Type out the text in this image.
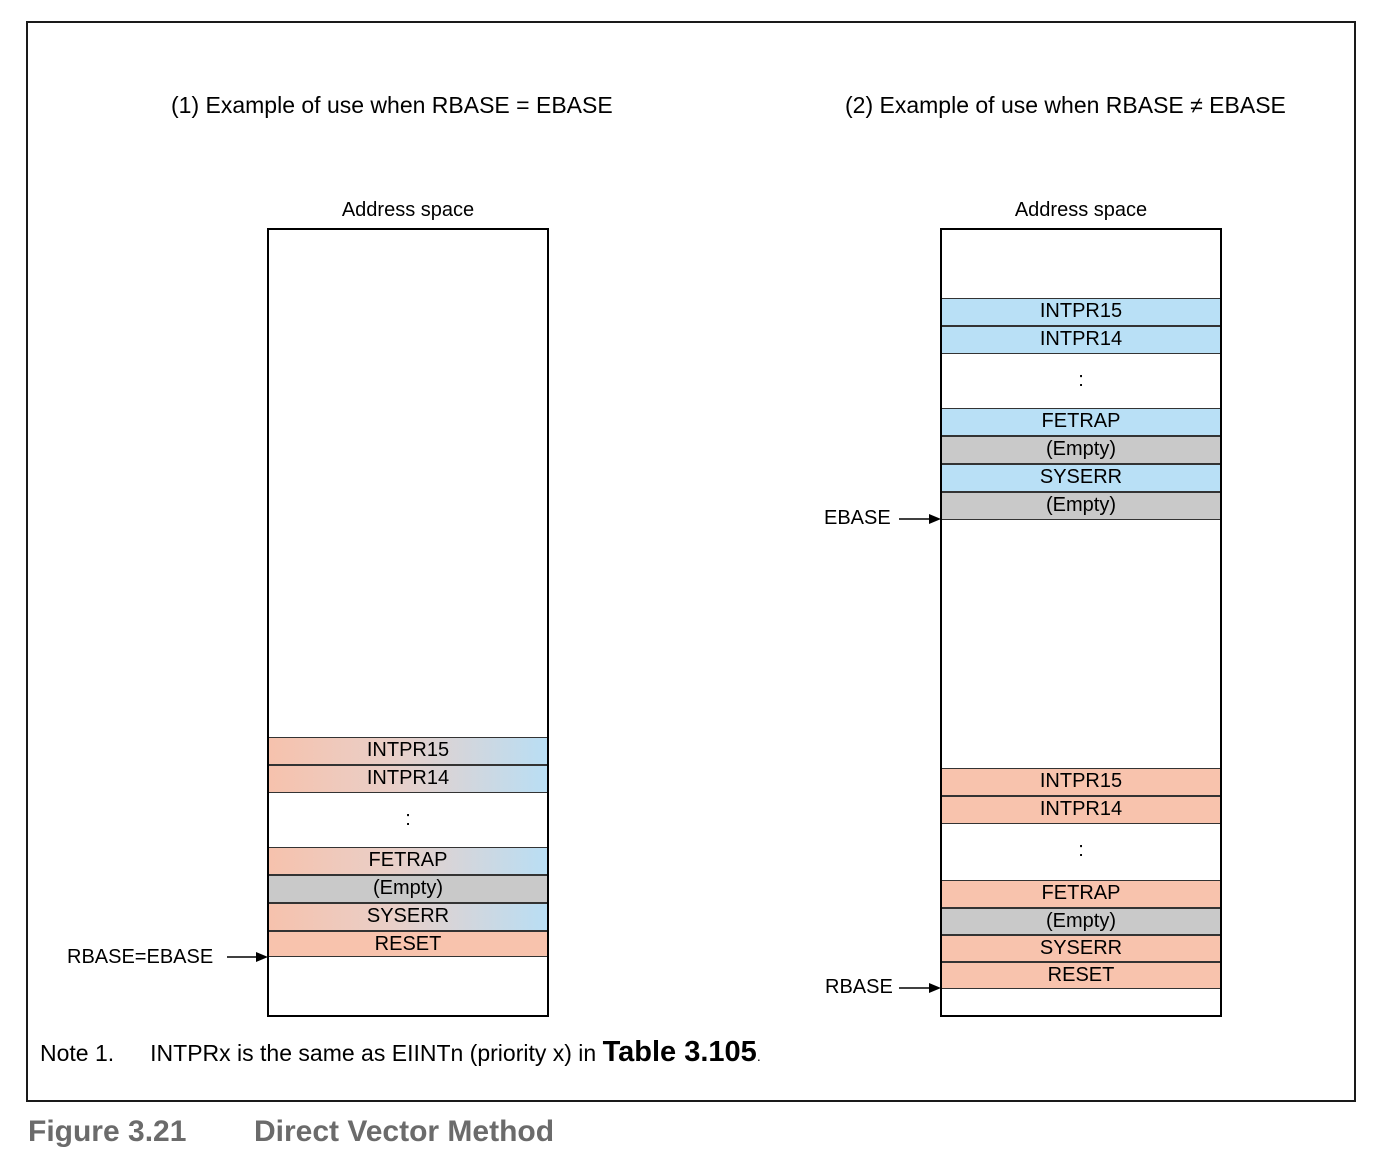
(1) Example of use when RBASE = EBASE
Address space
INTPR15
INTPR14
:
FETRAP
(Empty)
SYSERR
RESET
RBASE=EBASE
(2) Example of use when RBASE ≠ EBASE
Address space
INTPR15
INTPR14
:
FETRAP
(Empty)
SYSERR
(Empty)
INTPR15
INTPR14
:
FETRAP
(Empty)
SYSERR
RESET
EBASE
RBASE
Note 1. INTPRx is the same as EIINTn (priority x) in Table 3.105.
Figure 3.21 Direct Vector Method
